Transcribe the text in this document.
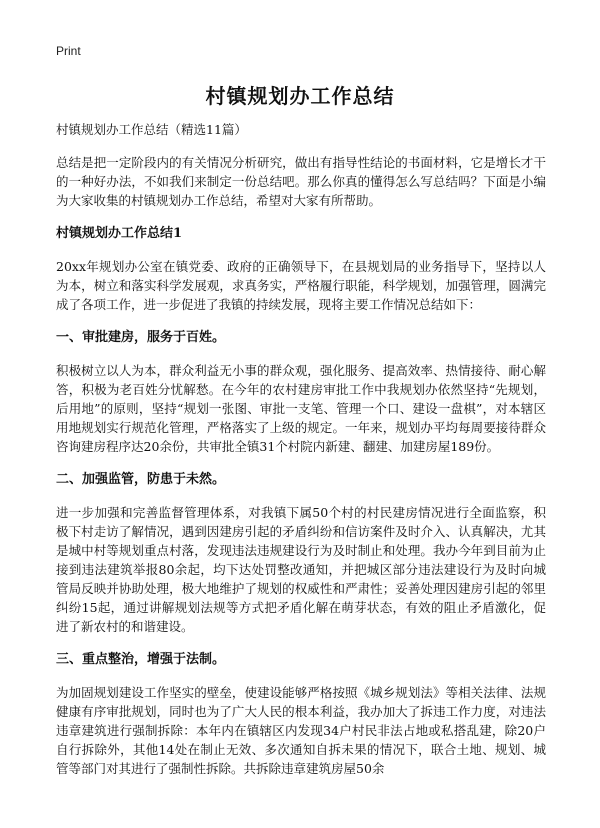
Print
村镇规划办工作总结

村镇规划办工作总结（精选11篇）

总结是把一定阶段内的有关情况分析研究，做出有指导性结论的书面材料，它是增长才干的一种好办法，不如我们来制定一份总结吧。那么你真的懂得怎么写总结吗？下面是小编为大家收集的村镇规划办工作总结，希望对大家有所帮助。

村镇规划办工作总结1

20xx年规划办公室在镇党委、政府的正确领导下，在县规划局的业务指导下，坚持以人为本，树立和落实科学发展观，求真务实，严格履行职能，科学规划，加强管理，圆满完成了各项工作，进一步促进了我镇的持续发展，现将主要工作情况总结如下：

一、审批建房，服务于百姓。

积极树立以人为本，群众利益无小事的群众观，强化服务、提高效率、热情接待、耐心解答，积极为老百姓分忧解愁。在今年的农村建房审批工作中我规划办依然坚持“先规划，后用地”的原则，坚持“规划一张图、审批一支笔、管理一个口、建设一盘棋”，对本辖区用地规划实行规范化管理，严格落实了上级的规定。一年来，规划办平均每周要接待群众咨询建房程序达20余份，共审批全镇31个村院内新建、翻建、加建房屋189份。

二、加强监管，防患于未然。

进一步加强和完善监督管理体系，对我镇下属50个村的村民建房情况进行全面监察，积极下村走访了解情况，遇到因建房引起的矛盾纠纷和信访案件及时介入、认真解决，尤其是城中村等规划重点村落，发现违法违规建设行为及时制止和处理。我办今年到目前为止接到违法建筑举报80余起，均下达处罚整改通知，并把城区部分违法建设行为及时向城管局反映并协助处理，极大地维护了规划的权威性和严肃性；妥善处理因建房引起的邻里纠纷15起，通过讲解规划法规等方式把矛盾化解在萌芽状态，有效的阻止矛盾激化，促进了新农村的和谐建设。

三、重点整治，增强于法制。

为加固规划建设工作坚实的壁垒，使建设能够严格按照《城乡规划法》等相关法律、法规健康有序审批规划，同时也为了广大人民的根本利益，我办加大了拆违工作力度，对违法违章建筑进行强制拆除：本年内在镇辖区内发现34户村民非法占地或私搭乱建，除20户自行拆除外，其他14处在制止无效、多次通知自拆未果的情况下，联合土地、规划、城管等部门对其进行了强制性拆除。共拆除违章建筑房屋50余
